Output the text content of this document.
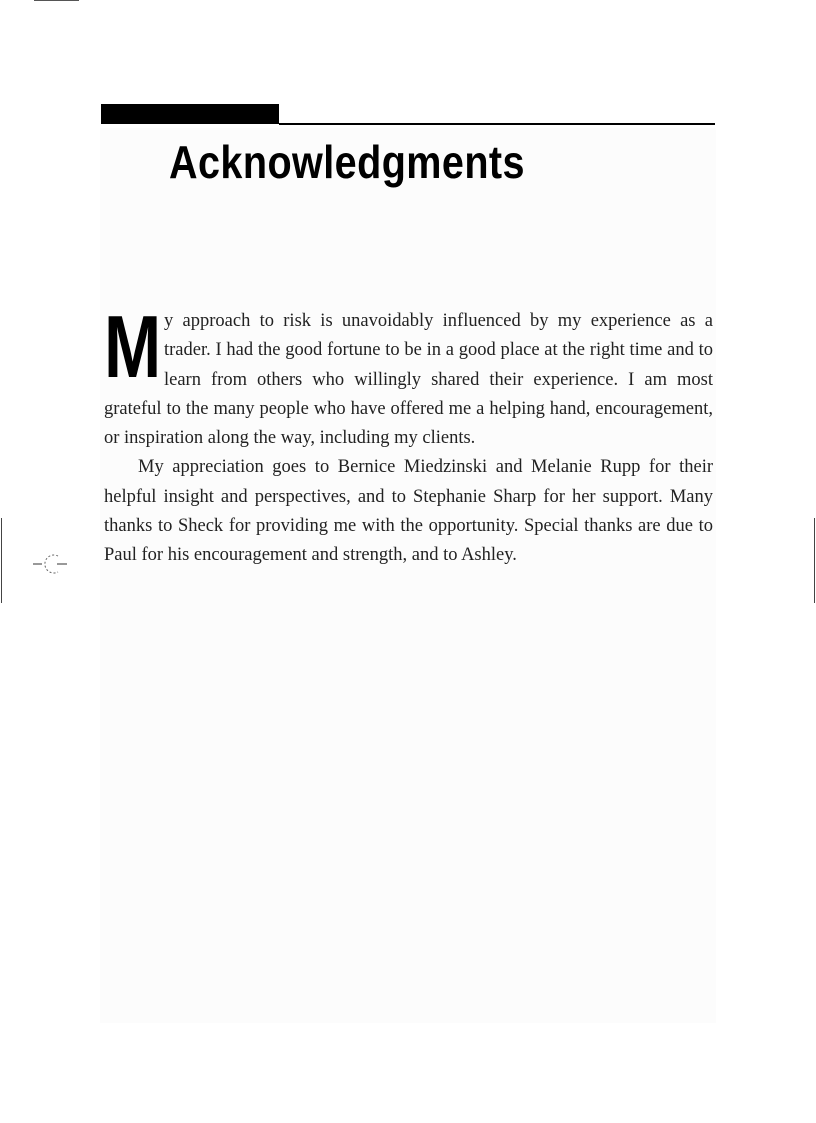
Acknowledgments

My approach to risk is unavoidably influenced by my experience as a trader. I had the good fortune to be in a good place at the right time and to learn from others who willingly shared their experience. I am most grateful to the many people who have offered me a helping hand, encouragement, or inspiration along the way, including my clients.

My appreciation goes to Bernice Miedzinski and Melanie Rupp for their helpful insight and perspectives, and to Stephanie Sharp for her support. Many thanks to Sheck for providing me with the opportunity. Special thanks are due to Paul for his encouragement and strength, and to Ashley.
